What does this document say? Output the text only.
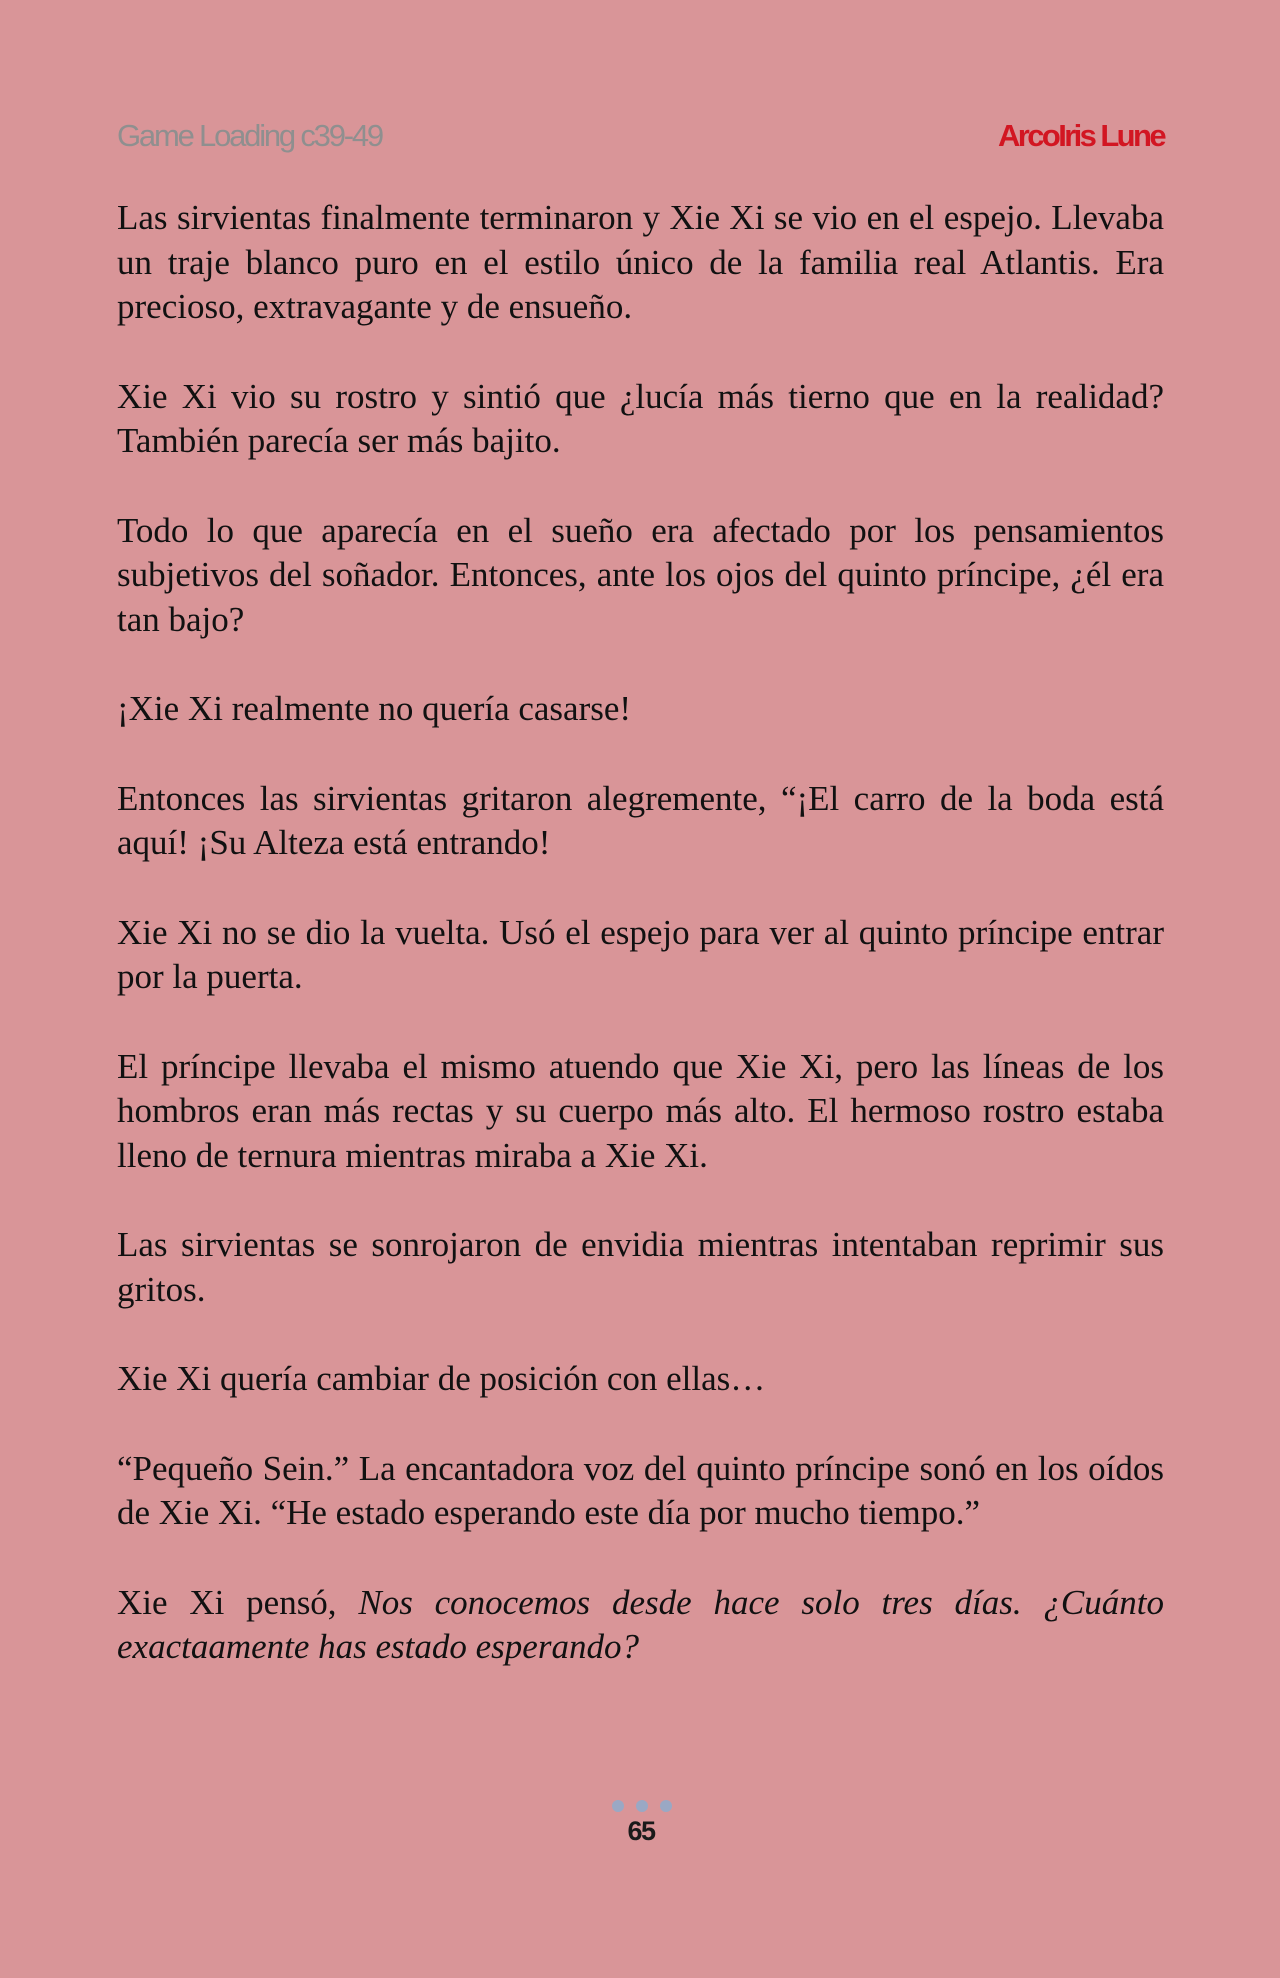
Game Loading c39-49	ArcoIris Lune

Las sirvientas finalmente terminaron y Xie Xi se vio en el espejo. Llevaba un traje blanco puro en el estilo único de la familia real Atlantis. Era precioso, extravagante y de ensueño.

Xie Xi vio su rostro y sintió que ¿lucía más tierno que en la realidad? También parecía ser más bajito.

Todo lo que aparecía en el sueño era afectado por los pensamientos subjetivos del soñador. Entonces, ante los ojos del quinto príncipe, ¿él era tan bajo?

¡Xie Xi realmente no quería casarse!

Entonces las sirvientas gritaron alegremente, “¡El carro de la boda está aquí! ¡Su Alteza está entrando!

Xie Xi no se dio la vuelta. Usó el espejo para ver al quinto príncipe entrar por la puerta.

El príncipe llevaba el mismo atuendo que Xie Xi, pero las líneas de los hombros eran más rectas y su cuerpo más alto. El hermoso rostro estaba lleno de ternura mientras miraba a Xie Xi.

Las sirvientas se sonrojaron de envidia mientras intentaban reprimir sus gritos.

Xie Xi quería cambiar de posición con ellas…

“Pequeño Sein.” La encantadora voz del quinto príncipe sonó en los oídos de Xie Xi. “He estado esperando este día por mucho tiempo.”

Xie Xi pensó, Nos conocemos desde hace solo tres días. ¿Cuánto exactaamente has estado esperando?

65
